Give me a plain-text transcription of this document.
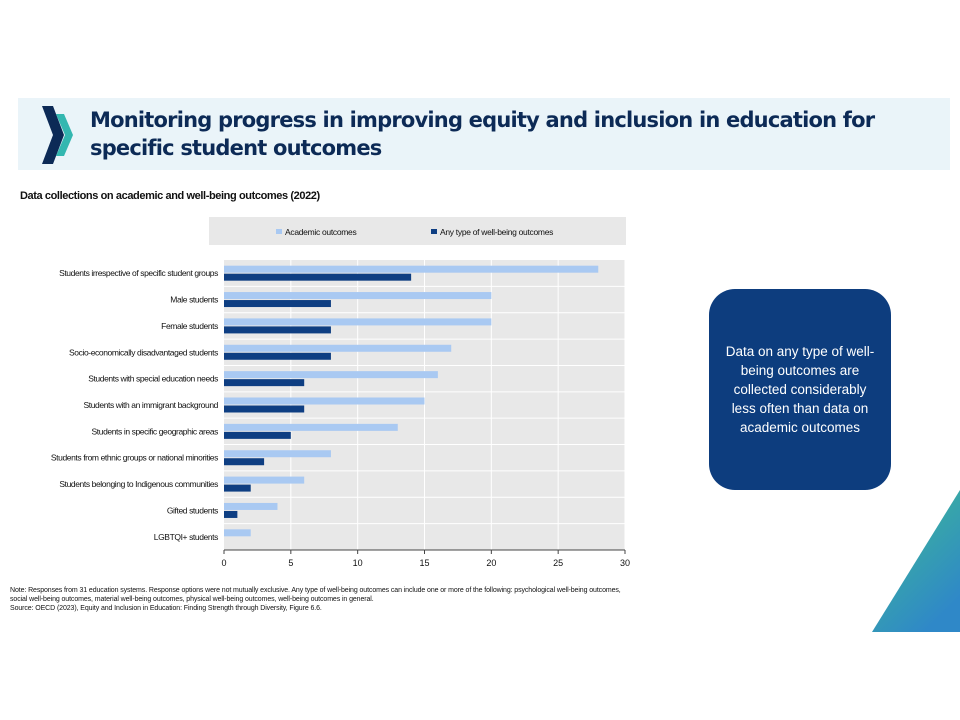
Monitoring progress in improving equity and inclusion in education for specific student outcomes
Data collections on academic and well-being outcomes (2022)
Academic outcomes	Any type of well-being outcomes
Students irrespective of specific student groups
Male students
Female students
Socio-economically disadvantaged students
Students with special education needs
Students with an immigrant background
Students in specific geographic areas
Students from ethnic groups or national minorities
Students belonging to Indigenous communities
Gifted students
LGBTQI+ students
0	5	10	15	20	25	30

Note: Responses from 31 education systems. Response options were not mutually exclusive. Any type of well-being outcomes can include one or more of the following: psychological well-being outcomes, social well-being outcomes, material well-being outcomes, physical well-being outcomes, well-being outcomes in general.

Source: OECD (2023), Equity and Inclusion in Education: Finding Strength through Diversity, Figure 6.6.

Data on any type of well-being outcomes are collected considerably less often than data on academic outcomes
